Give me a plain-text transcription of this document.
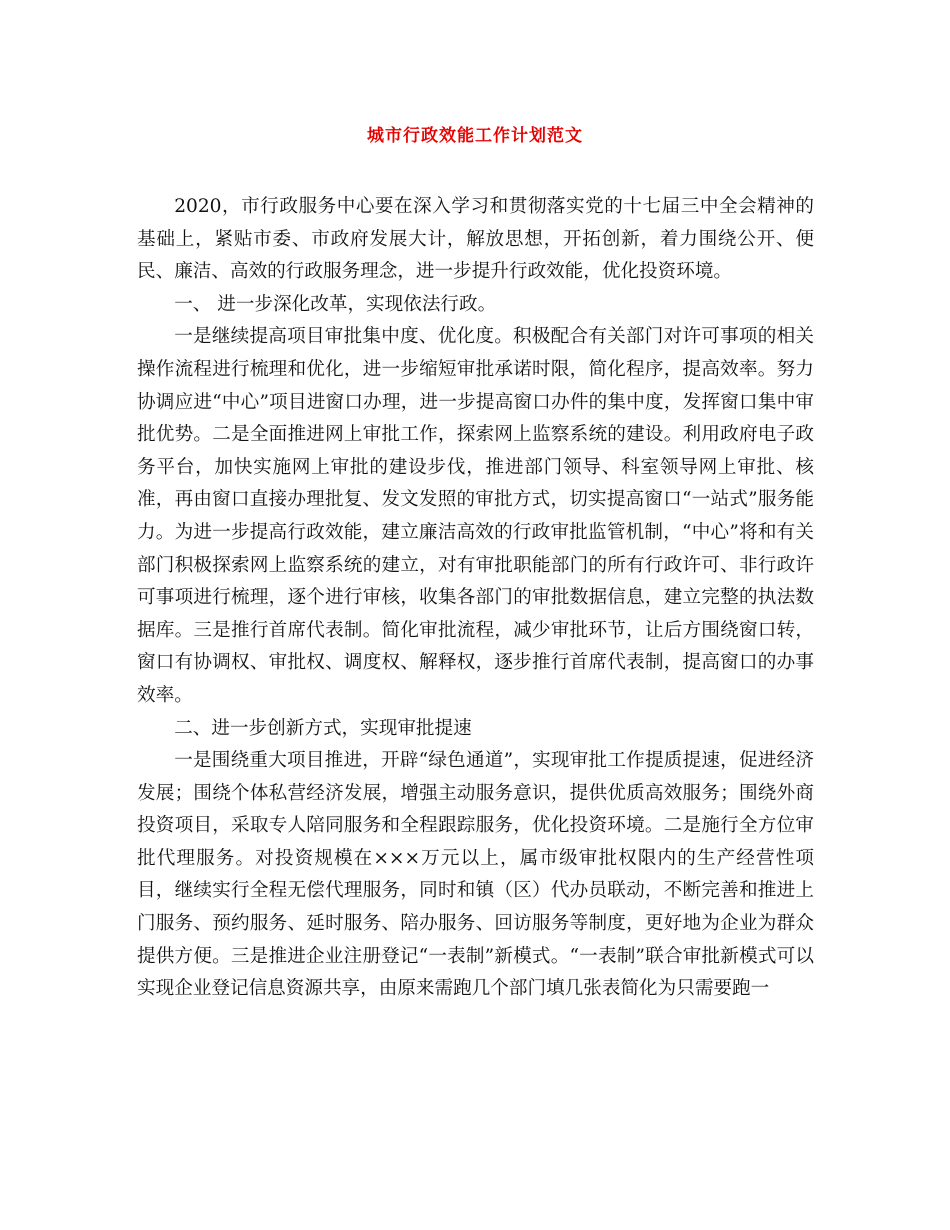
城市行政效能工作计划范文

2020，市行政服务中心要在深入学习和贯彻落实党的十七届三中全会精神的基础上，紧贴市委、市政府发展大计，解放思想，开拓创新，着力围绕公开、便民、廉洁、高效的行政服务理念，进一步提升行政效能，优化投资环境。

一、 进一步深化改革，实现依法行政。

一是继续提高项目审批集中度、优化度。积极配合有关部门对许可事项的相关操作流程进行梳理和优化，进一步缩短审批承诺时限，简化程序，提高效率。努力协调应进“中心”项目进窗口办理，进一步提高窗口办件的集中度，发挥窗口集中审批优势。二是全面推进网上审批工作，探索网上监察系统的建设。利用政府电子政务平台，加快实施网上审批的建设步伐，推进部门领导、科室领导网上审批、核准，再由窗口直接办理批复、发文发照的审批方式，切实提高窗口“一站式”服务能力。为进一步提高行政效能，建立廉洁高效的行政审批监管机制，“中心”将和有关部门积极探索网上监察系统的建立，对有审批职能部门的所有行政许可、非行政许可事项进行梳理，逐个进行审核，收集各部门的审批数据信息，建立完整的执法数据库。三是推行首席代表制。简化审批流程，减少审批环节，让后方围绕窗口转，窗口有协调权、审批权、调度权、解释权，逐步推行首席代表制，提高窗口的办事效率。

二、进一步创新方式，实现审批提速

一是围绕重大项目推进，开辟“绿色通道”，实现审批工作提质提速，促进经济发展；围绕个体私营经济发展，增强主动服务意识，提供优质高效服务；围绕外商投资项目，采取专人陪同服务和全程跟踪服务，优化投资环境。二是施行全方位审批代理服务。对投资规模在×××万元以上，属市级审批权限内的生产经营性项目，继续实行全程无偿代理服务，同时和镇（区）代办员联动，不断完善和推进上门服务、预约服务、延时服务、陪办服务、回访服务等制度，更好地为企业为群众提供方便。三是推进企业注册登记“一表制”新模式。“一表制”联合审批新模式可以实现企业登记信息资源共享，由原来需跑几个部门填几张表简化为只需要跑一
